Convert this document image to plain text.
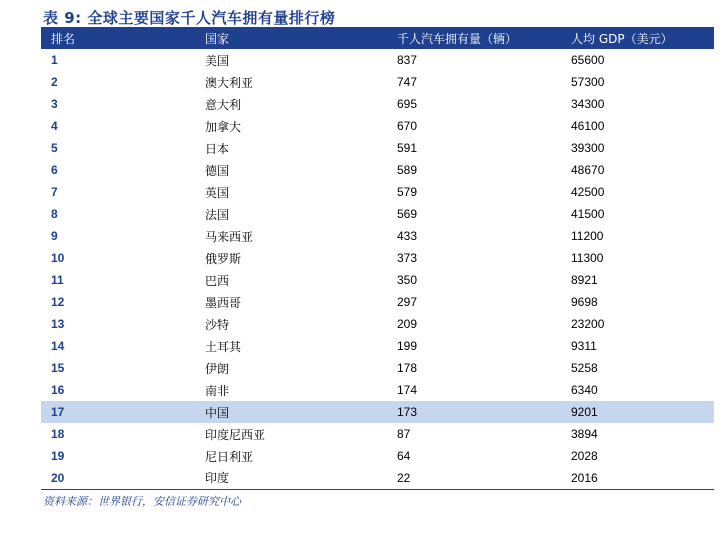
表 9: 全球主要国家千人汽车拥有量排行榜
排名	国家	千人汽车拥有量（辆）	人均 GDP（美元）
1	美国	837	65600
2	澳大利亚	747	57300
3	意大利	695	34300
4	加拿大	670	46100
5	日本	591	39300
6	德国	589	48670
7	英国	579	42500
8	法国	569	41500
9	马来西亚	433	11200
10	俄罗斯	373	11300
11	巴西	350	8921
12	墨西哥	297	9698
13	沙特	209	23200
14	土耳其	199	9311
15	伊朗	178	5258
16	南非	174	6340
17	中国	173	9201
18	印度尼西亚	87	3894
19	尼日利亚	64	2028
20	印度	22	2016
资料来源：世界银行，安信证券研究中心
